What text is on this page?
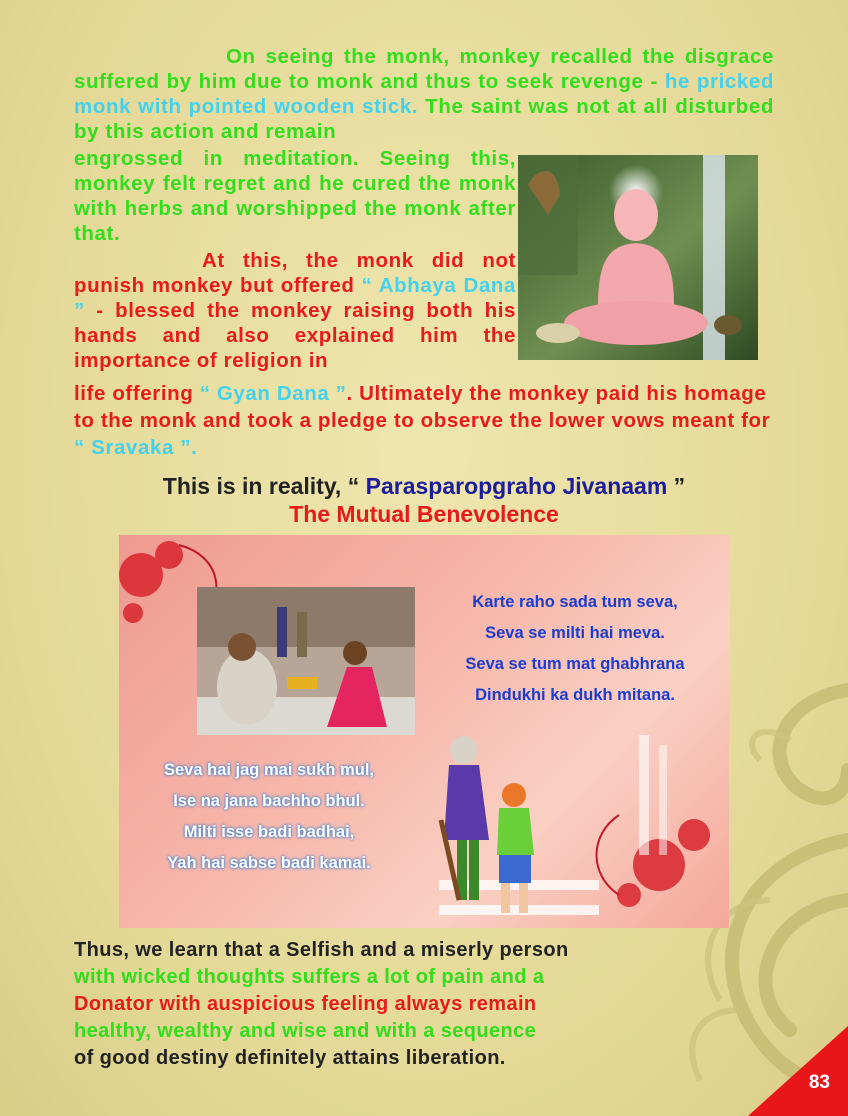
On seeing the monk, monkey recalled the disgrace suffered by him due to monk and thus to seek revenge - he pricked monk with pointed wooden stick. The saint was not at all disturbed by this action and remain

engrossed in meditation. Seeing this, monkey felt regret and he cured the monk with herbs and worshipped the monk after that.

At this, the monk did not punish monkey but offered “ Abhaya Dana ” - blessed the monkey raising both his hands and also explained him the importance of religion in

life offering “ Gyan Dana ”. Ultimately the monkey paid his homage to the monk and took a pledge to observe the lower vows meant for “ Sravaka ”.

This is in reality, “ Parasparopgraho Jivanaam ”
The Mutual Benevolence

Karte raho sada tum seva,
Seva se milti hai meva.
Seva se tum mat ghabhrana
Dindukhi ka dukh mitana.

Seva hai jag mai sukh mul,
Ise na jana bachho bhul.
Milti isse badi badhai,
Yah hai sabse badi kamai.

Thus, we learn that a Selfish and a miserly person
with wicked thoughts suffers a lot of pain and a
Donator with auspicious feeling always remain
healthy, wealthy and wise and with a sequence
of good destiny definitely attains liberation.

83
